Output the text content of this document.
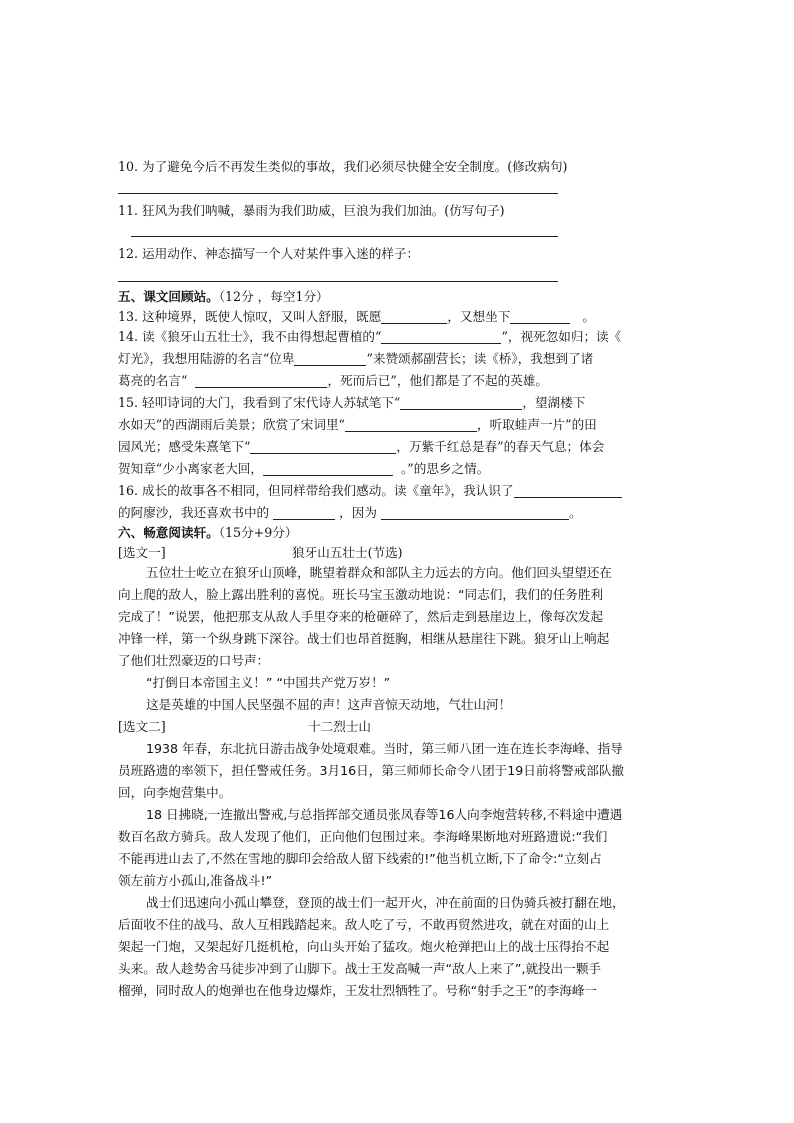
10. 为了避免今后不再发生类似的事故，我们必须尽快健全安全制度。(修改病句)
11. 狂风为我们呐喊，暴雨为我们助威，巨浪为我们加油。(仿写句子)
12. 运用动作、神态描写一个人对某件事入迷的样子：
五、课文回顾站。（12分 ，每空1分）
13. 这种境界，既使人惊叹，又叫人舒服，既愿	，又想坐下	。
14. 读《狼牙山五壮士》，我不由得想起曹植的“	”，视死忽如归；读《
灯光》，我想用陆游的名言“位卑	”来赞颂郝副营长；读《桥》，我想到了诸
葛亮的名言“	，死而后已”，他们都是了不起的英雄。
15. 轻叩诗词的大门，我看到了宋代诗人苏轼笔下“	，望湖楼下
水如天”的西湖雨后美景；欣赏了宋词里“	，听取蛙声一片”的田
园风光；感受朱熹笔下“	，万紫千红总是春”的春天气息；体会
贺知章“少小离家老大回，	。”的思乡之情。
16. 成长的故事各不相同，但同样带给我们感动。读《童年》，我认识了
的阿廖沙，我还喜欢书中的	，因为	。
六、畅意阅读轩。（15分+9分）
[选文一]	狼牙山五壮士(节选)
五位壮士屹立在狼牙山顶峰，眺望着群众和部队主力远去的方向。他们回头望望还在
向上爬的敌人，脸上露出胜利的喜悦。班长马宝玉激动地说：“同志们，我们的任务胜利
完成了！”说罢，他把那支从敌人手里夺来的枪砸碎了，然后走到悬崖边上，像每次发起
冲锋一样，第一个纵身跳下深谷。战士们也昂首挺胸，相继从悬崖往下跳。狼牙山上响起
了他们壮烈豪迈的口号声：
“打倒日本帝国主义！” “中国共产党万岁！”
这是英雄的中国人民坚强不屈的声！这声音惊天动地，气壮山河！
[选文二]	十二烈士山
1938 年春，东北抗日游击战争处境艰难。当时，第三师八团一连在连长李海峰、指导
员班路遗的率领下，担任警戒任务。3月16日，第三师师长命令八团于19日前将警戒部队撤
回，向李炮营集中。
18 日拂晓,一连撤出警戒,与总指挥部交通员张凤春等16人向李炮营转移,不料途中遭遇
数百名敌方骑兵。敌人发现了他们，正向他们包围过来。李海峰果断地对班路遗说:“我们
不能再进山去了,不然在雪地的脚印会给敌人留下线索的!”他当机立断,下了命令:“立刻占
领左前方小孤山,准备战斗!”
战士们迅速向小孤山攀登，登顶的战士们一起开火，冲在前面的日伪骑兵被打翻在地，
后面收不住的战马、敌人互相践踏起来。敌人吃了亏，不敢再贸然进攻，就在对面的山上
架起一门炮，又架起好几挺机枪，向山头开始了猛攻。炮火枪弹把山上的战士压得抬不起
头来。敌人趁势舍马徒步冲到了山脚下。战士王发高喊一声“敌人上来了”,就投出一颗手
榴弹，同时敌人的炮弹也在他身边爆炸，王发壮烈牺牲了。号称“射手之王”的李海峰一
